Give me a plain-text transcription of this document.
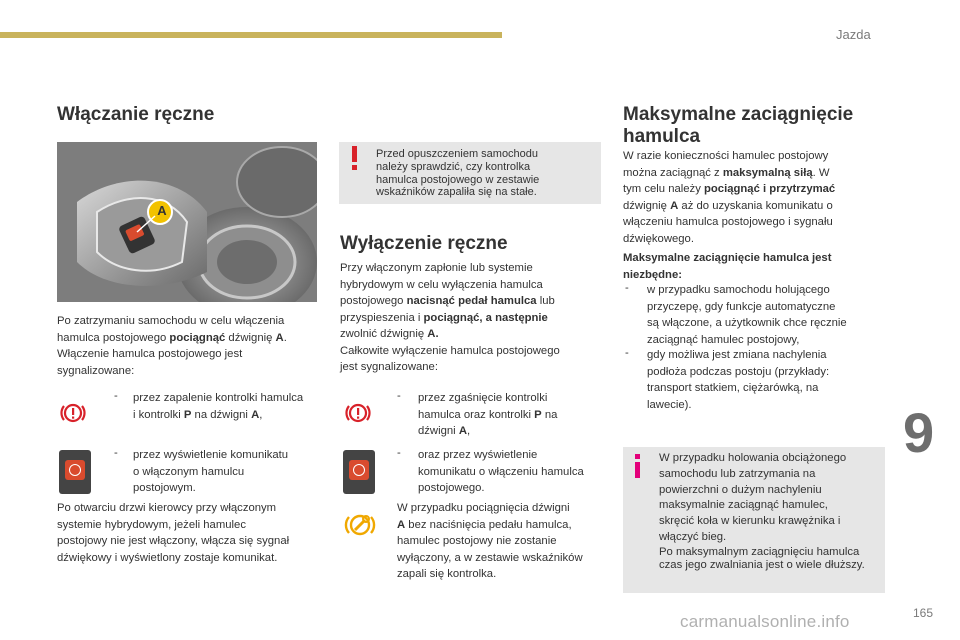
Jazda
Włączanie ręczne
A
Po zatrzymaniu samochodu w celu włączenia
hamulca postojowego pociągnąć dźwignię A.
Włączenie hamulca postojowego jest
sygnalizowane:
- przez zapalenie kontrolki hamulca
i kontrolki P na dźwigni A,
- przez wyświetlenie komunikatu
o włączonym hamulcu
postojowym.
Po otwarciu drzwi kierowcy przy włączonym
systemie hybrydowym, jeżeli hamulec
postojowy nie jest włączony, włącza się sygnał
dźwiękowy i wyświetlony zostaje komunikat.
Przed opuszczeniem samochodu
należy sprawdzić, czy kontrolka
hamulca postojowego w zestawie
wskaźników zapaliła się na stałe.
Wyłączenie ręczne
Przy włączonym zapłonie lub systemie
hybrydowym w celu wyłączenia hamulca
postojowego nacisnąć pedał hamulca lub
przyspieszenia i pociągnąć, a następnie
zwolnić dźwignię A.
Całkowite wyłączenie hamulca postojowego
jest sygnalizowane:
- przez zgaśnięcie kontrolki
hamulca oraz kontrolki P na
dźwigni A,
- oraz przez wyświetlenie
komunikatu o włączeniu hamulca
postojowego.
W przypadku pociągnięcia dźwigni
A bez naciśnięcia pedału hamulca,
hamulec postojowy nie zostanie
wyłączony, a w zestawie wskaźników
zapali się kontrolka.
Maksymalne zaciągnięcie
hamulca
W razie konieczności hamulec postojowy
można zaciągnąć z maksymalną siłą. W
tym celu należy pociągnąć i przytrzymać
dźwignię A aż do uzyskania komunikatu o
włączeniu hamulca postojowego i sygnału
dźwiękowego.
Maksymalne zaciągnięcie hamulca jest
niezbędne:
- w przypadku samochodu holującego
przyczepę, gdy funkcje automatyczne
są włączone, a użytkownik chce ręcznie
zaciągnąć hamulec postojowy,
- gdy możliwa jest zmiana nachylenia
podłoża podczas postoju (przykłady:
transport statkiem, ciężarówką, na
lawecie).
W przypadku holowania obciążonego
samochodu lub zatrzymania na
powierzchni o dużym nachyleniu
maksymalnie zaciągnąć hamulec,
skręcić koła w kierunku krawężnika i
włączyć bieg.
Po maksymalnym zaciągnięciu hamulca
czas jego zwalniania jest o wiele dłuższy.
9
carmanualsonline.info	165
